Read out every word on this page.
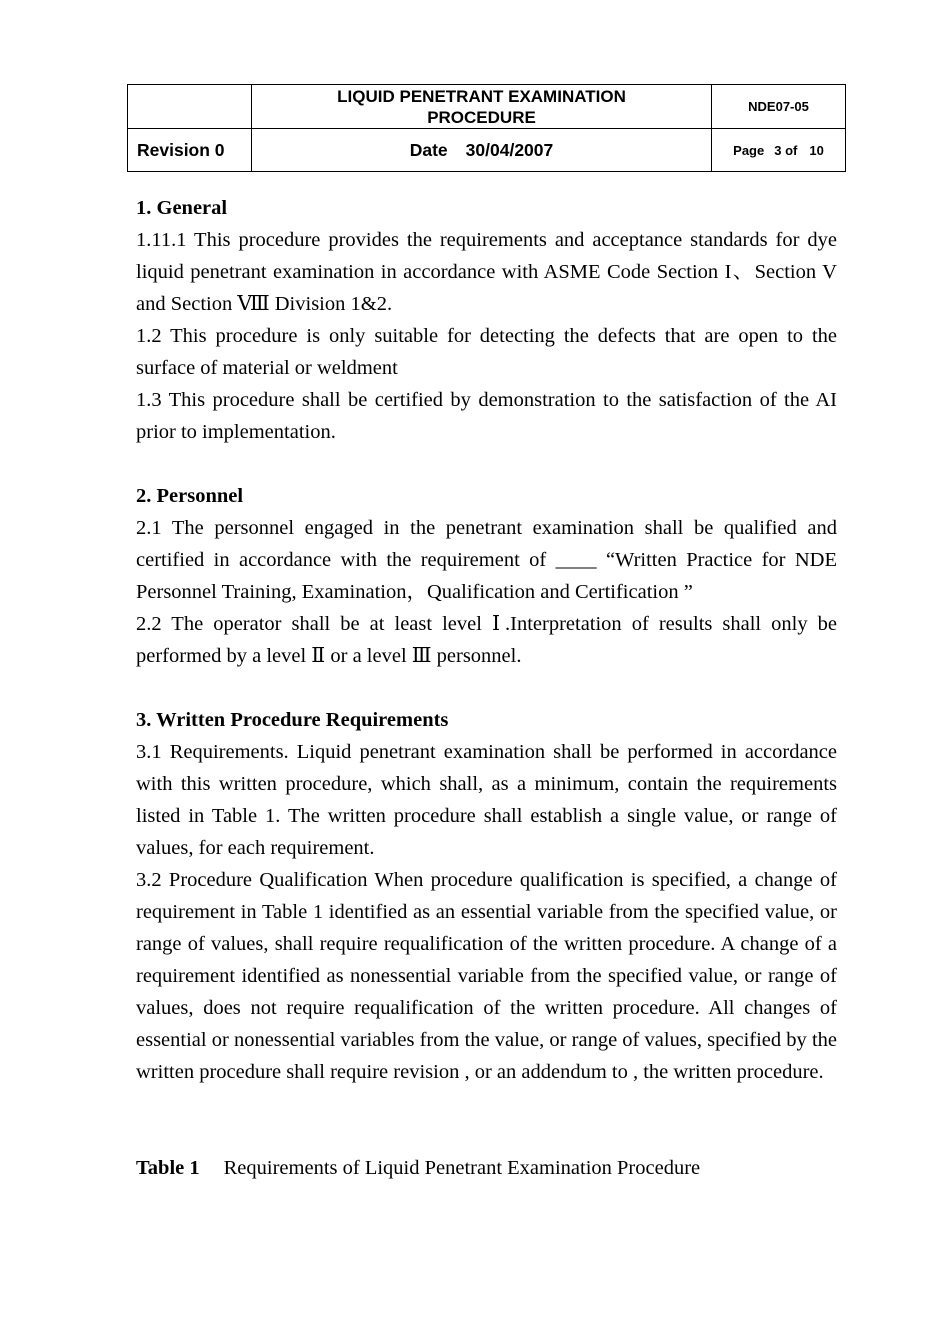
	LIQUID PENETRANT EXAMINATION PROCEDURE	NDE07-05
Revision 0	Date 30/04/2007	Page 3 of 10
1. General

1.11.1 This procedure provides the requirements and acceptance standards for dye liquid penetrant examination in accordance with ASME Code Section I、Section V and Section Ⅷ Division 1&2.

1.2 This procedure is only suitable for detecting the defects that are open to the surface of material or weldment

1.3 This procedure shall be certified by demonstration to the satisfaction of the AI prior to implementation.

2. Personnel

2.1 The personnel engaged in the penetrant examination shall be qualified and certified in accordance with the requirement of ____ “Written Practice for NDE Personnel Training, Examination，Qualification and Certification ”

2.2 The operator shall be at least level Ⅰ.Interpretation of results shall only be performed by a level Ⅱ or a level Ⅲ personnel.

3. Written Procedure Requirements

3.1 Requirements. Liquid penetrant examination shall be performed in accordance with this written procedure, which shall, as a minimum, contain the requirements listed in Table 1. The written procedure shall establish a single value, or range of values, for each requirement.

3.2 Procedure Qualification When procedure qualification is specified, a change of requirement in Table 1 identified as an essential variable from the specified value, or range of values, shall require requalification of the written procedure. A change of a requirement identified as nonessential variable from the specified value, or range of values, does not require requalification of the written procedure. All changes of essential or nonessential variables from the value, or range of values, specified by the written procedure shall require revision , or an addendum to , the written procedure.

Table 1 Requirements of Liquid Penetrant Examination Procedure
